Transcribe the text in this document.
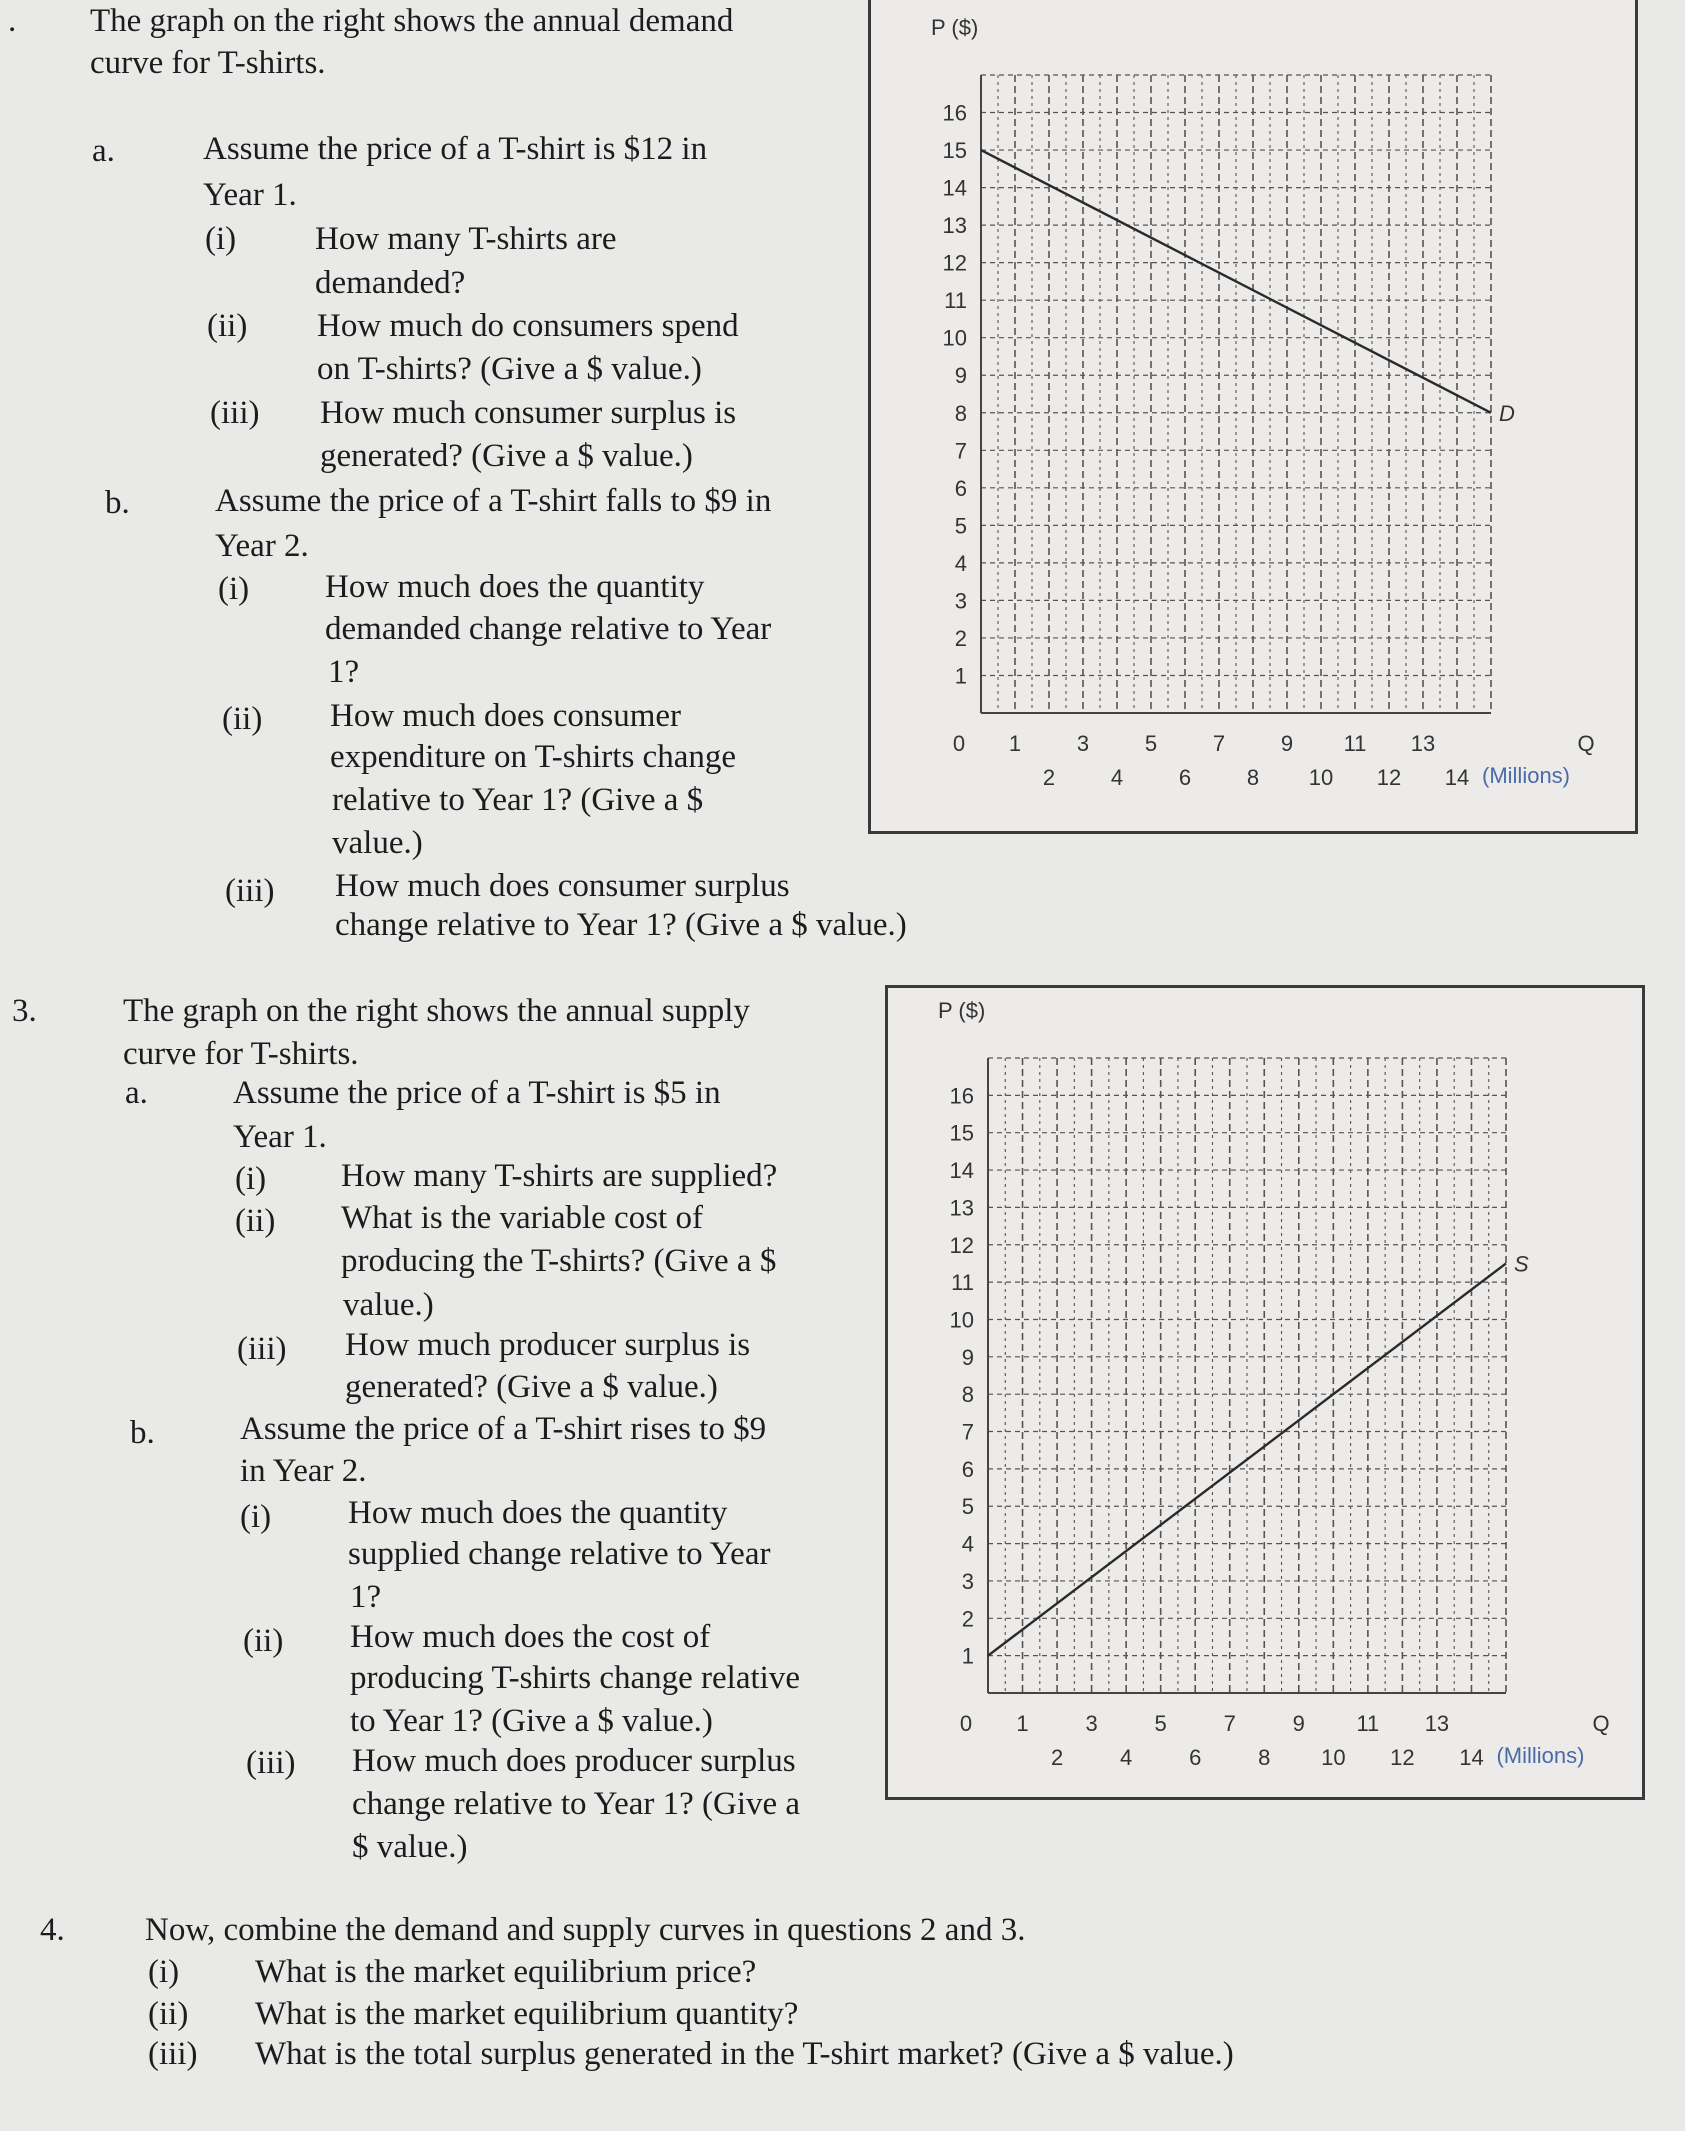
. The graph on the right shows the annual demand
curve for T-shirts.
a.	Assume the price of a T-shirt is $12 in
Year 1.
(i) How many T-shirts are
demanded?
(ii) How much do consumers spend
on T-shirts? (Give a $ value.)
(iii) How much consumer surplus is
generated? (Give a $ value.)
b.	Assume the price of a T-shirt falls to $9 in
Year 2.
(i) How much does the quantity
demanded change relative to Year
1?
(ii) How much does consumer
expenditure on T-shirts change
relative to Year 1? (Give a $
value.)
(iii) How much does consumer surplus
change relative to Year 1? (Give a $ value.)
1
2
3
4
5
6
7
8
9
10
11
12
13
14
15
16
0 1
2
3
4
5
6
7
8
9
10
11
12
13
14
P ($)
Q
(Millions)
D
3.	The graph on the right shows the annual supply
curve for T-shirts.
a.	Assume the price of a T-shirt is $5 in
Year 1.
(i) How many T-shirts are supplied?
(ii) What is the variable cost of
producing the T-shirts? (Give a $
value.)
(iii) How much producer surplus is
generated? (Give a $ value.)
b.	Assume the price of a T-shirt rises to $9
in Year 2.
(i) How much does the quantity
supplied change relative to Year
1?
(ii) How much does the cost of
producing T-shirts change relative
to Year 1? (Give a $ value.)
(iii) How much does producer surplus
change relative to Year 1? (Give a
$ value.)
1
2
3
4
5
6
7
8
9
10
11
12
13
14
15
16
0 1
2
3
4
5
6
7
8
9
10
11
12
13
14
P ($)
Q
(Millions)
S
4. Now, combine the demand and supply curves in questions 2 and 3.
(i) What is the market equilibrium price?
(ii) What is the market equilibrium quantity?
(iii) What is the total surplus generated in the T-shirt market? (Give a $ value.)
